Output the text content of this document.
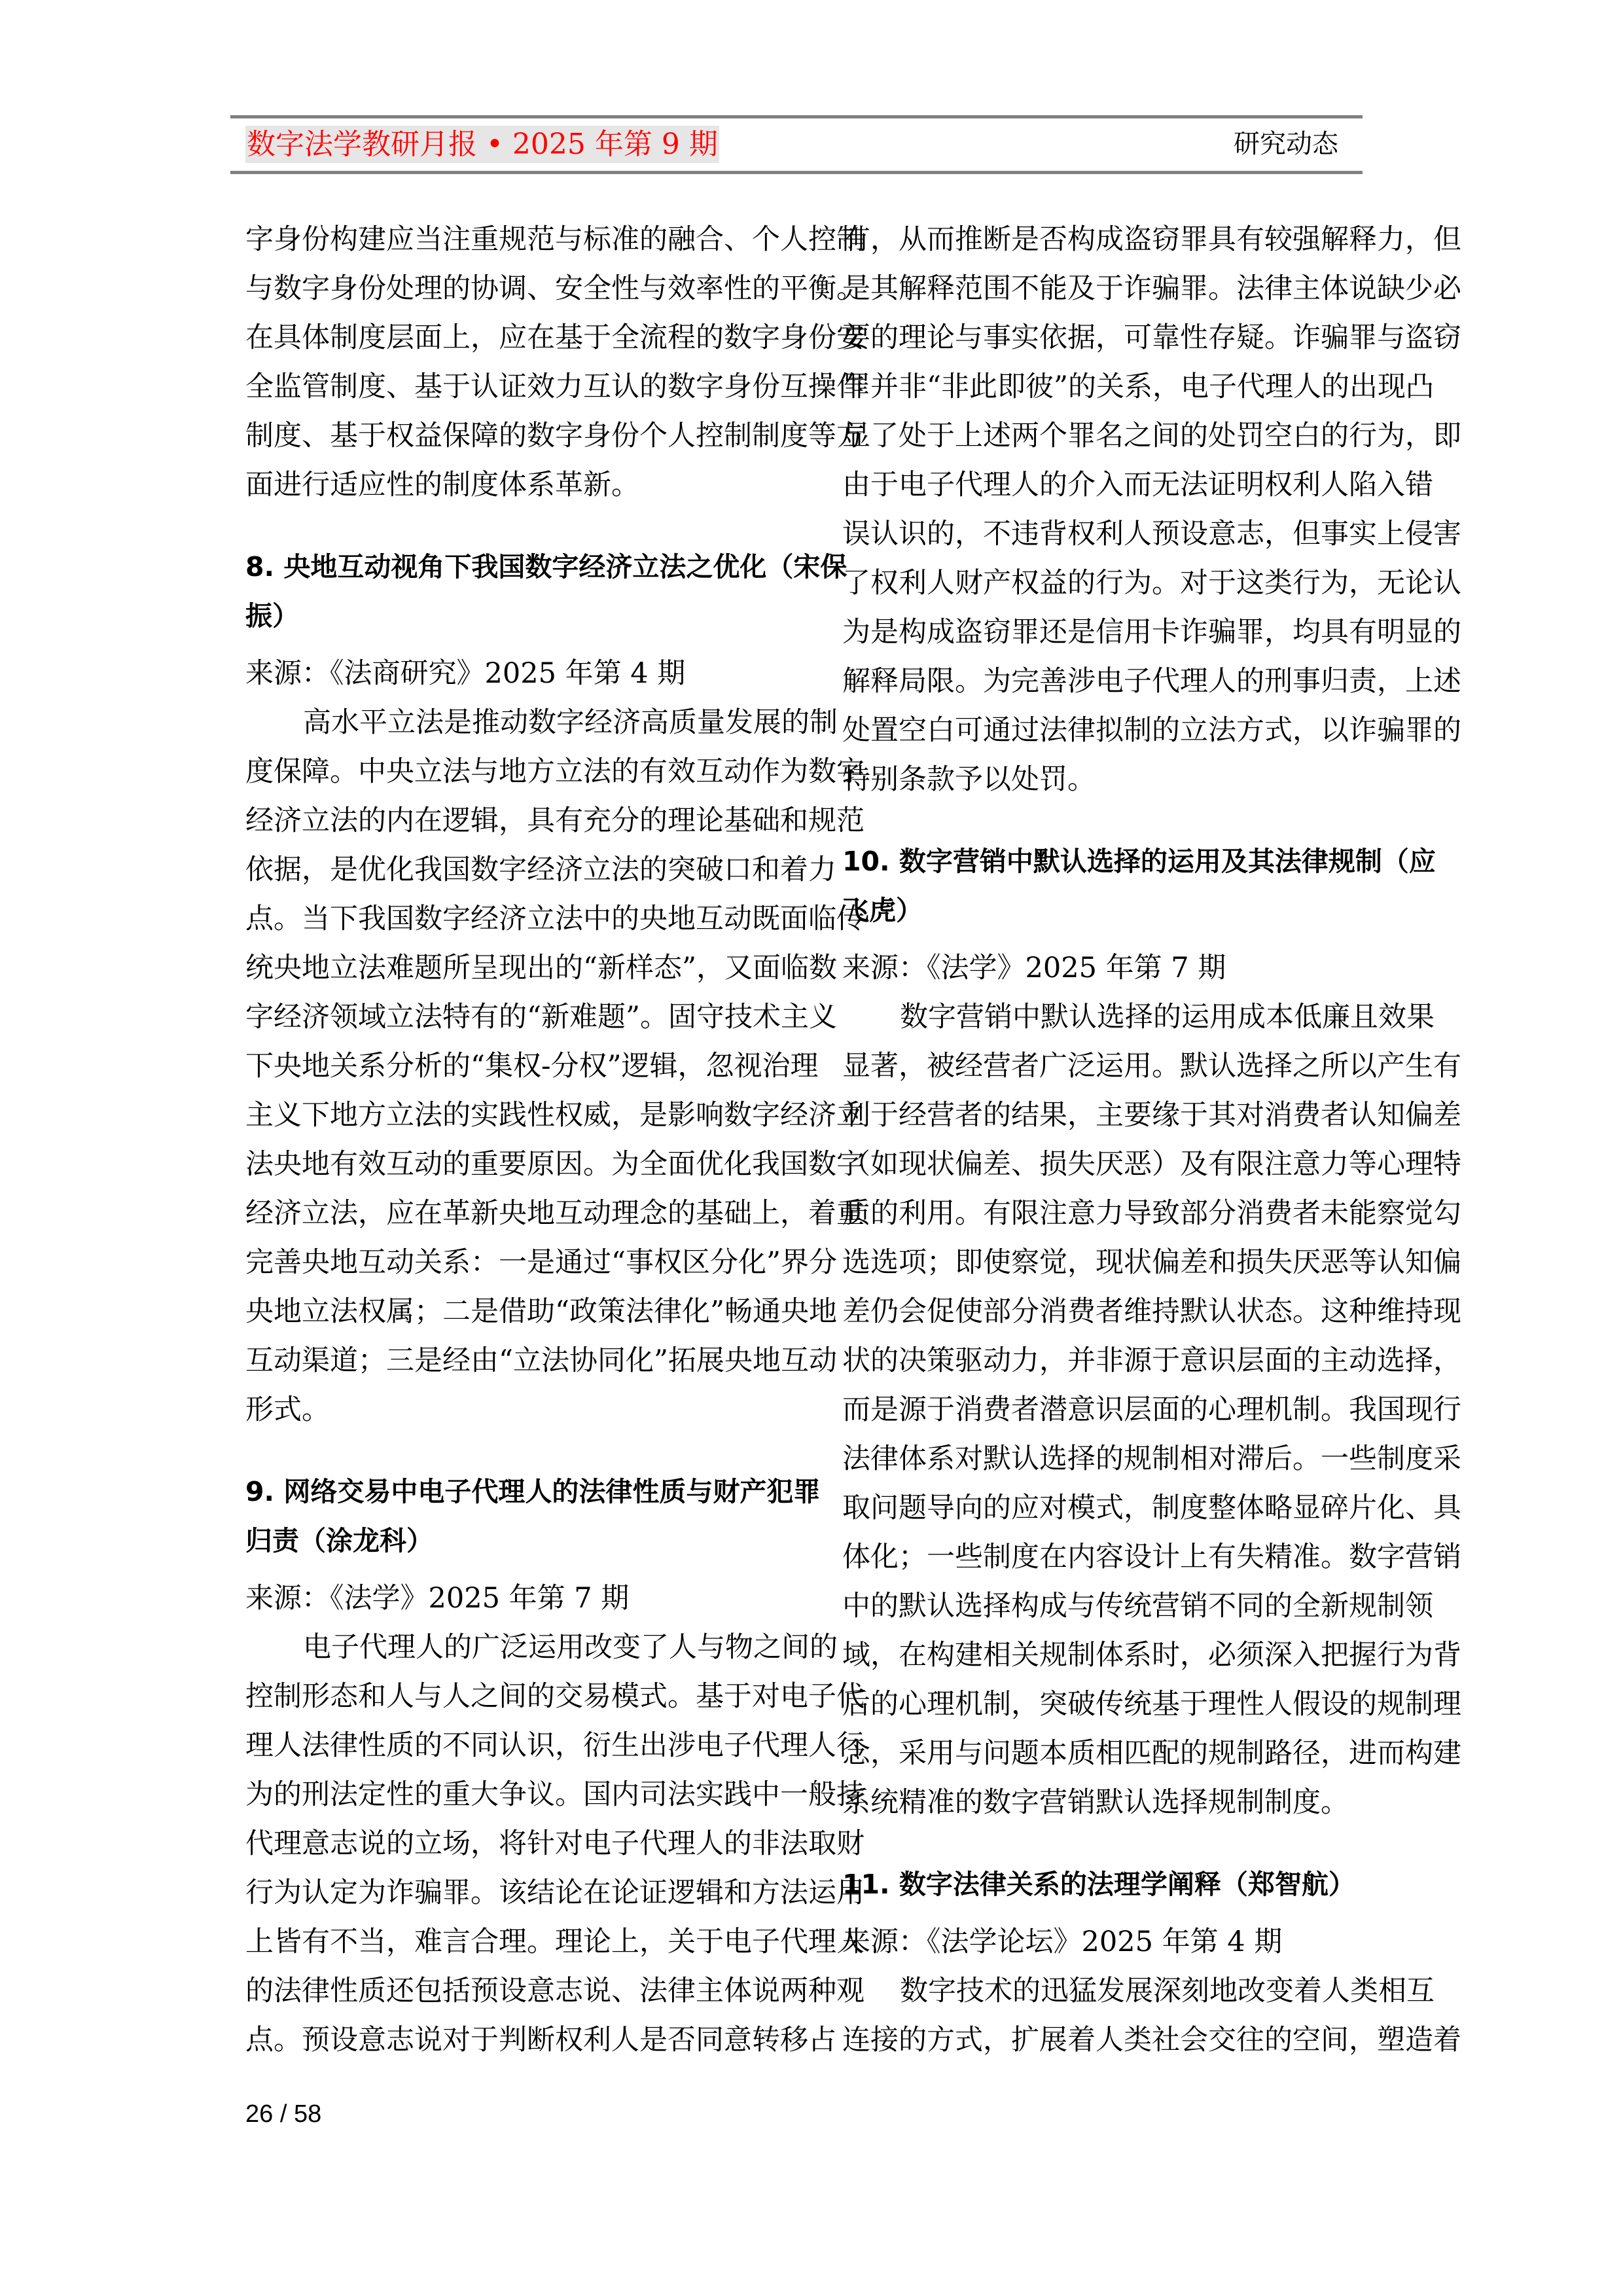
数字法学教研月报 • 2025 年第 9 期	研究动态
字身份构建应当注重规范与标准的融合、个人控制
与数字身份处理的协调、安全性与效率性的平衡。
在具体制度层面上，应在基于全流程的数字身份安
全监管制度、基于认证效力互认的数字身份互操作
制度、基于权益保障的数字身份个人控制制度等方
面进行适应性的制度体系革新。
8. 央地互动视角下我国数字经济立法之优化（宋保
振）
来源：《法商研究》2025 年第 4 期
高水平立法是推动数字经济高质量发展的制
度保障。中央立法与地方立法的有效互动作为数字
经济立法的内在逻辑，具有充分的理论基础和规范
依据，是优化我国数字经济立法的突破口和着力
点。当下我国数字经济立法中的央地互动既面临传
统央地立法难题所呈现出的“新样态”，又面临数
字经济领域立法特有的“新难题”。固守技术主义
下央地关系分析的“集权-分权”逻辑，忽视治理
主义下地方立法的实践性权威，是影响数字经济立
法央地有效互动的重要原因。为全面优化我国数字
经济立法，应在革新央地互动理念的基础上，着重
完善央地互动关系：一是通过“事权区分化”界分
央地立法权属；二是借助“政策法律化”畅通央地
互动渠道；三是经由“立法协同化”拓展央地互动
形式。
9. 网络交易中电子代理人的法律性质与财产犯罪
归责（涂龙科）
来源：《法学》2025 年第 7 期
电子代理人的广泛运用改变了人与物之间的
控制形态和人与人之间的交易模式。基于对电子代
理人法律性质的不同认识，衍生出涉电子代理人行
为的刑法定性的重大争议。国内司法实践中一般持
代理意志说的立场，将针对电子代理人的非法取财
行为认定为诈骗罪。该结论在论证逻辑和方法运用
上皆有不当，难言合理。理论上，关于电子代理人
的法律性质还包括预设意志说、法律主体说两种观
点。预设意志说对于判断权利人是否同意转移占
有，从而推断是否构成盗窃罪具有较强解释力，但
是其解释范围不能及于诈骗罪。法律主体说缺少必
要的理论与事实依据，可靠性存疑。诈骗罪与盗窃
罪并非“非此即彼”的关系，电子代理人的出现凸
显了处于上述两个罪名之间的处罚空白的行为，即
由于电子代理人的介入而无法证明权利人陷入错
误认识的，不违背权利人预设意志，但事实上侵害
了权利人财产权益的行为。对于这类行为，无论认
为是构成盗窃罪还是信用卡诈骗罪，均具有明显的
解释局限。为完善涉电子代理人的刑事归责，上述
处置空白可通过法律拟制的立法方式，以诈骗罪的
特别条款予以处罚。
10. 数字营销中默认选择的运用及其法律规制（应
飞虎）
来源：《法学》2025 年第 7 期
数字营销中默认选择的运用成本低廉且效果
显著，被经营者广泛运用。默认选择之所以产生有
利于经营者的结果，主要缘于其对消费者认知偏差
（如现状偏差、损失厌恶）及有限注意力等心理特
质的利用。有限注意力导致部分消费者未能察觉勾
选选项；即使察觉，现状偏差和损失厌恶等认知偏
差仍会促使部分消费者维持默认状态。这种维持现
状的决策驱动力，并非源于意识层面的主动选择，
而是源于消费者潜意识层面的心理机制。我国现行
法律体系对默认选择的规制相对滞后。一些制度采
取问题导向的应对模式，制度整体略显碎片化、具
体化；一些制度在内容设计上有失精准。数字营销
中的默认选择构成与传统营销不同的全新规制领
域，在构建相关规制体系时，必须深入把握行为背
后的心理机制，突破传统基于理性人假设的规制理
念，采用与问题本质相匹配的规制路径，进而构建
系统精准的数字营销默认选择规制制度。
11. 数字法律关系的法理学阐释（郑智航）
来源：《法学论坛》2025 年第 4 期
数字技术的迅猛发展深刻地改变着人类相互
连接的方式，扩展着人类社会交往的空间，塑造着
26 / 58
